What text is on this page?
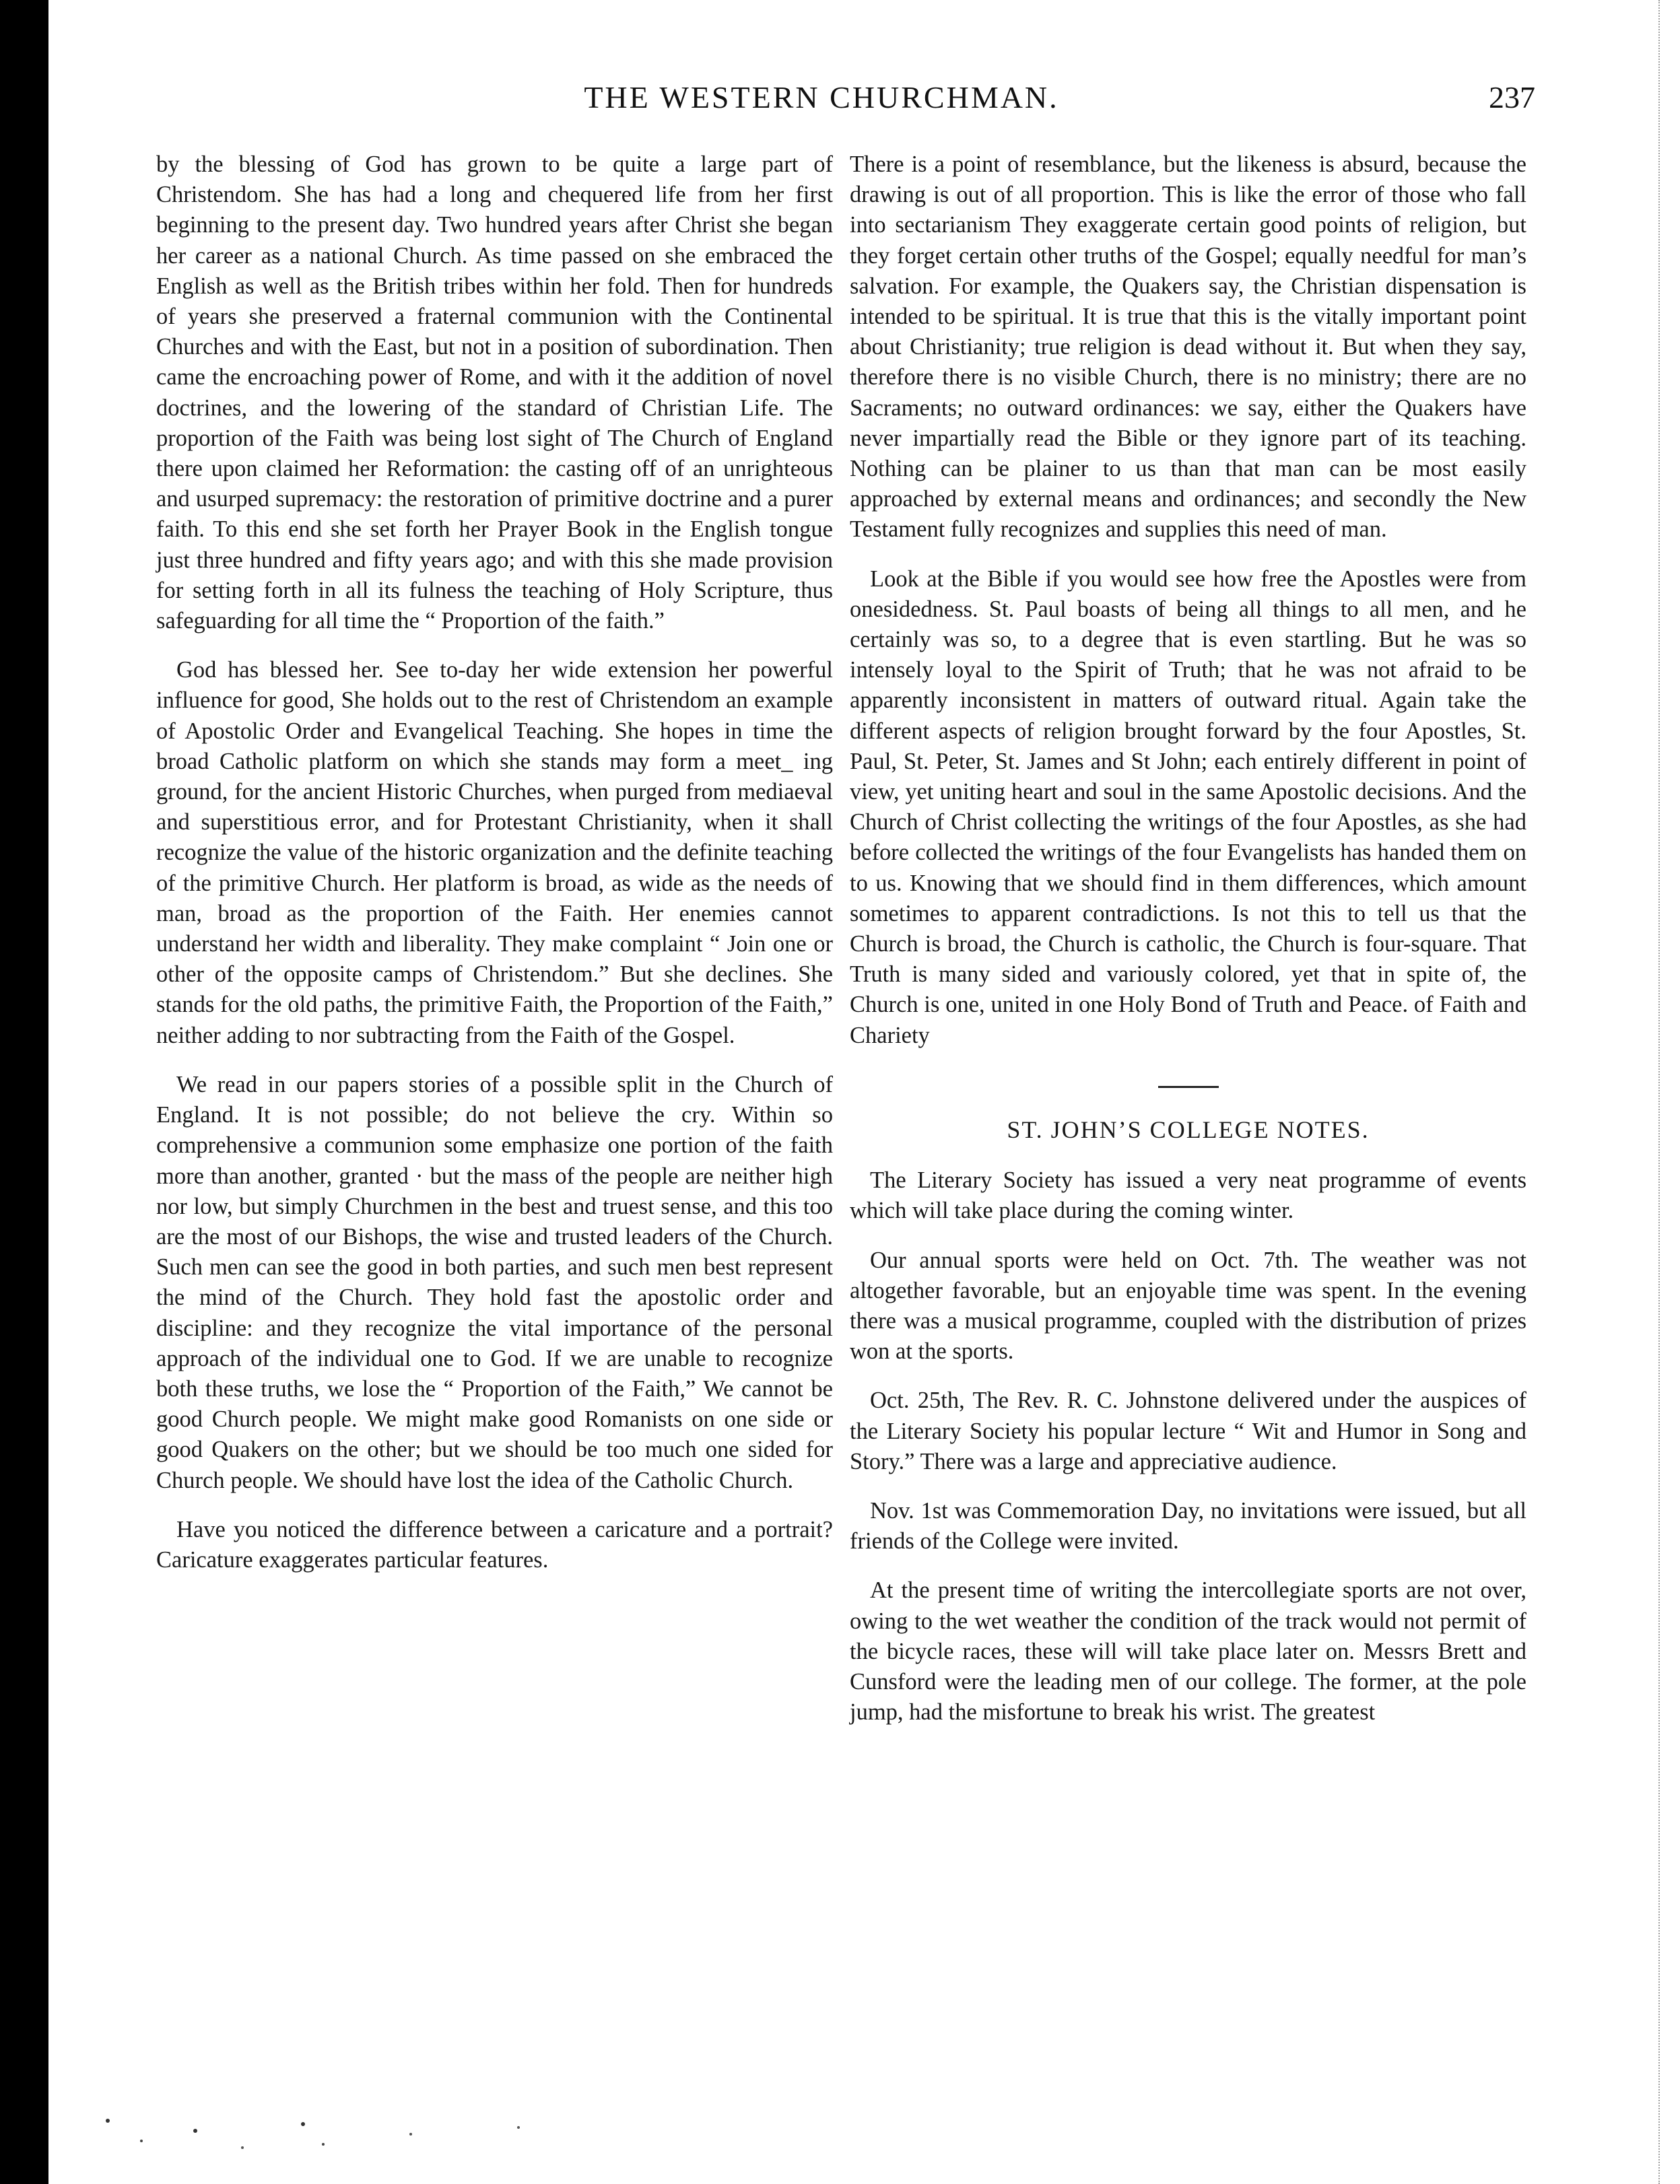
THE WESTERN CHURCHMAN.	237

by the blessing of God has grown to be quite a large part of Christendom. She has had a long and chequered life from her first beginning to the present day. Two hundred years after Christ she began her career as a national Church. As time passed on she embraced the English as well as the British tribes within her fold. Then for hundreds of years she preserved a fraternal communion with the Continental Churches and with the East, but not in a position of subordination. Then came the encroaching power of Rome, and with it the addition of novel doctrines, and the lowering of the standard of Christian Life. The proportion of the Faith was being lost sight of The Church of England there upon claimed her Reformation: the casting off of an unrighteous and usurped supremacy: the restoration of primitive doctrine and a purer faith. To this end she set forth her Prayer Book in the English tongue just three hundred and fifty years ago; and with this she made provision for setting forth in all its fulness the teaching of Holy Scripture, thus safeguarding for all time the “ Proportion of the faith.”

God has blessed her. See to-day her wide extension her powerful influence for good, She holds out to the rest of Christendom an example of Apostolic Order and Evangelical Teaching. She hopes in time the broad Catholic platform on which she stands may form a meet_ ing ground, for the ancient Historic Churches, when purged from mediaeval and superstitious error, and for Protestant Christianity, when it shall recognize the value of the historic organization and the definite teaching of the primitive Church. Her platform is broad, as wide as the needs of man, broad as the proportion of the Faith. Her enemies cannot understand her width and liberality. They make complaint “ Join one or other of the opposite camps of Christendom.” But she declines. She stands for the old paths, the primitive Faith, the Proportion of the Faith,” neither adding to nor subtracting from the Faith of the Gospel.

We read in our papers stories of a possible split in the Church of England. It is not possible; do not believe the cry. Within so comprehensive a communion some emphasize one portion of the faith more than another, granted · but the mass of the people are neither high nor low, but simply Churchmen in the best and truest sense, and this too are the most of our Bishops, the wise and trusted leaders of the Church. Such men can see the good in both parties, and such men best represent the mind of the Church. They hold fast the apostolic order and discipline: and they recognize the vital importance of the personal approach of the individual one to God. If we are unable to recognize both these truths, we lose the “ Proportion of the Faith,” We cannot be good Church people. We might make good Romanists on one side or good Quakers on the other; but we should be too much one sided for Church people. We should have lost the idea of the Catholic Church.

Have you noticed the difference between a caricature and a portrait? Caricature exaggerates particular features.

There is a point of resemblance, but the likeness is absurd, because the drawing is out of all proportion. This is like the error of those who fall into sectarianism They exaggerate certain good points of religion, but they forget certain other truths of the Gospel; equally needful for man’s salvation. For example, the Quakers say, the Christian dispensation is intended to be spiritual. It is true that this is the vitally important point about Christianity; true religion is dead without it. But when they say, therefore there is no visible Church, there is no ministry; there are no Sacraments; no outward ordinances: we say, either the Quakers have never impartially read the Bible or they ignore part of its teaching. Nothing can be plainer to us than that man can be most easily approached by external means and ordinances; and secondly the New Testament fully recognizes and supplies this need of man.

Look at the Bible if you would see how free the Apostles were from onesidedness. St. Paul boasts of being all things to all men, and he certainly was so, to a degree that is even startling. But he was so intensely loyal to the Spirit of Truth; that he was not afraid to be apparently inconsistent in matters of outward ritual. Again take the different aspects of religion brought forward by the four Apostles, St. Paul, St. Peter, St. James and St John; each entirely different in point of view, yet uniting heart and soul in the same Apostolic decisions. And the Church of Christ collecting the writings of the four Apostles, as she had before collected the writings of the four Evangelists has handed them on to us. Knowing that we should find in them differences, which amount sometimes to apparent contradictions. Is not this to tell us that the Church is broad, the Church is catholic, the Church is four-square. That Truth is many sided and variously colored, yet that in spite of, the Church is one, united in one Holy Bond of Truth and Peace. of Faith and Chariety

ST. JOHN’S COLLEGE NOTES.

The Literary Society has issued a very neat programme of events which will take place during the coming winter.

Our annual sports were held on Oct. 7th. The weather was not altogether favorable, but an enjoyable time was spent. In the evening there was a musical programme, coupled with the distribution of prizes won at the sports.

Oct. 25th, The Rev. R. C. Johnstone delivered under the auspices of the Literary Society his popular lecture “ Wit and Humor in Song and Story.” There was a large and appreciative audience.

Nov. 1st was Commemoration Day, no invitations were issued, but all friends of the College were invited.

At the present time of writing the intercollegiate sports are not over, owing to the wet weather the condition of the track would not permit of the bicycle races, these will will take place later on. Messrs Brett and Cunsford were the leading men of our college. The former, at the pole jump, had the misfortune to break his wrist. The greatest
